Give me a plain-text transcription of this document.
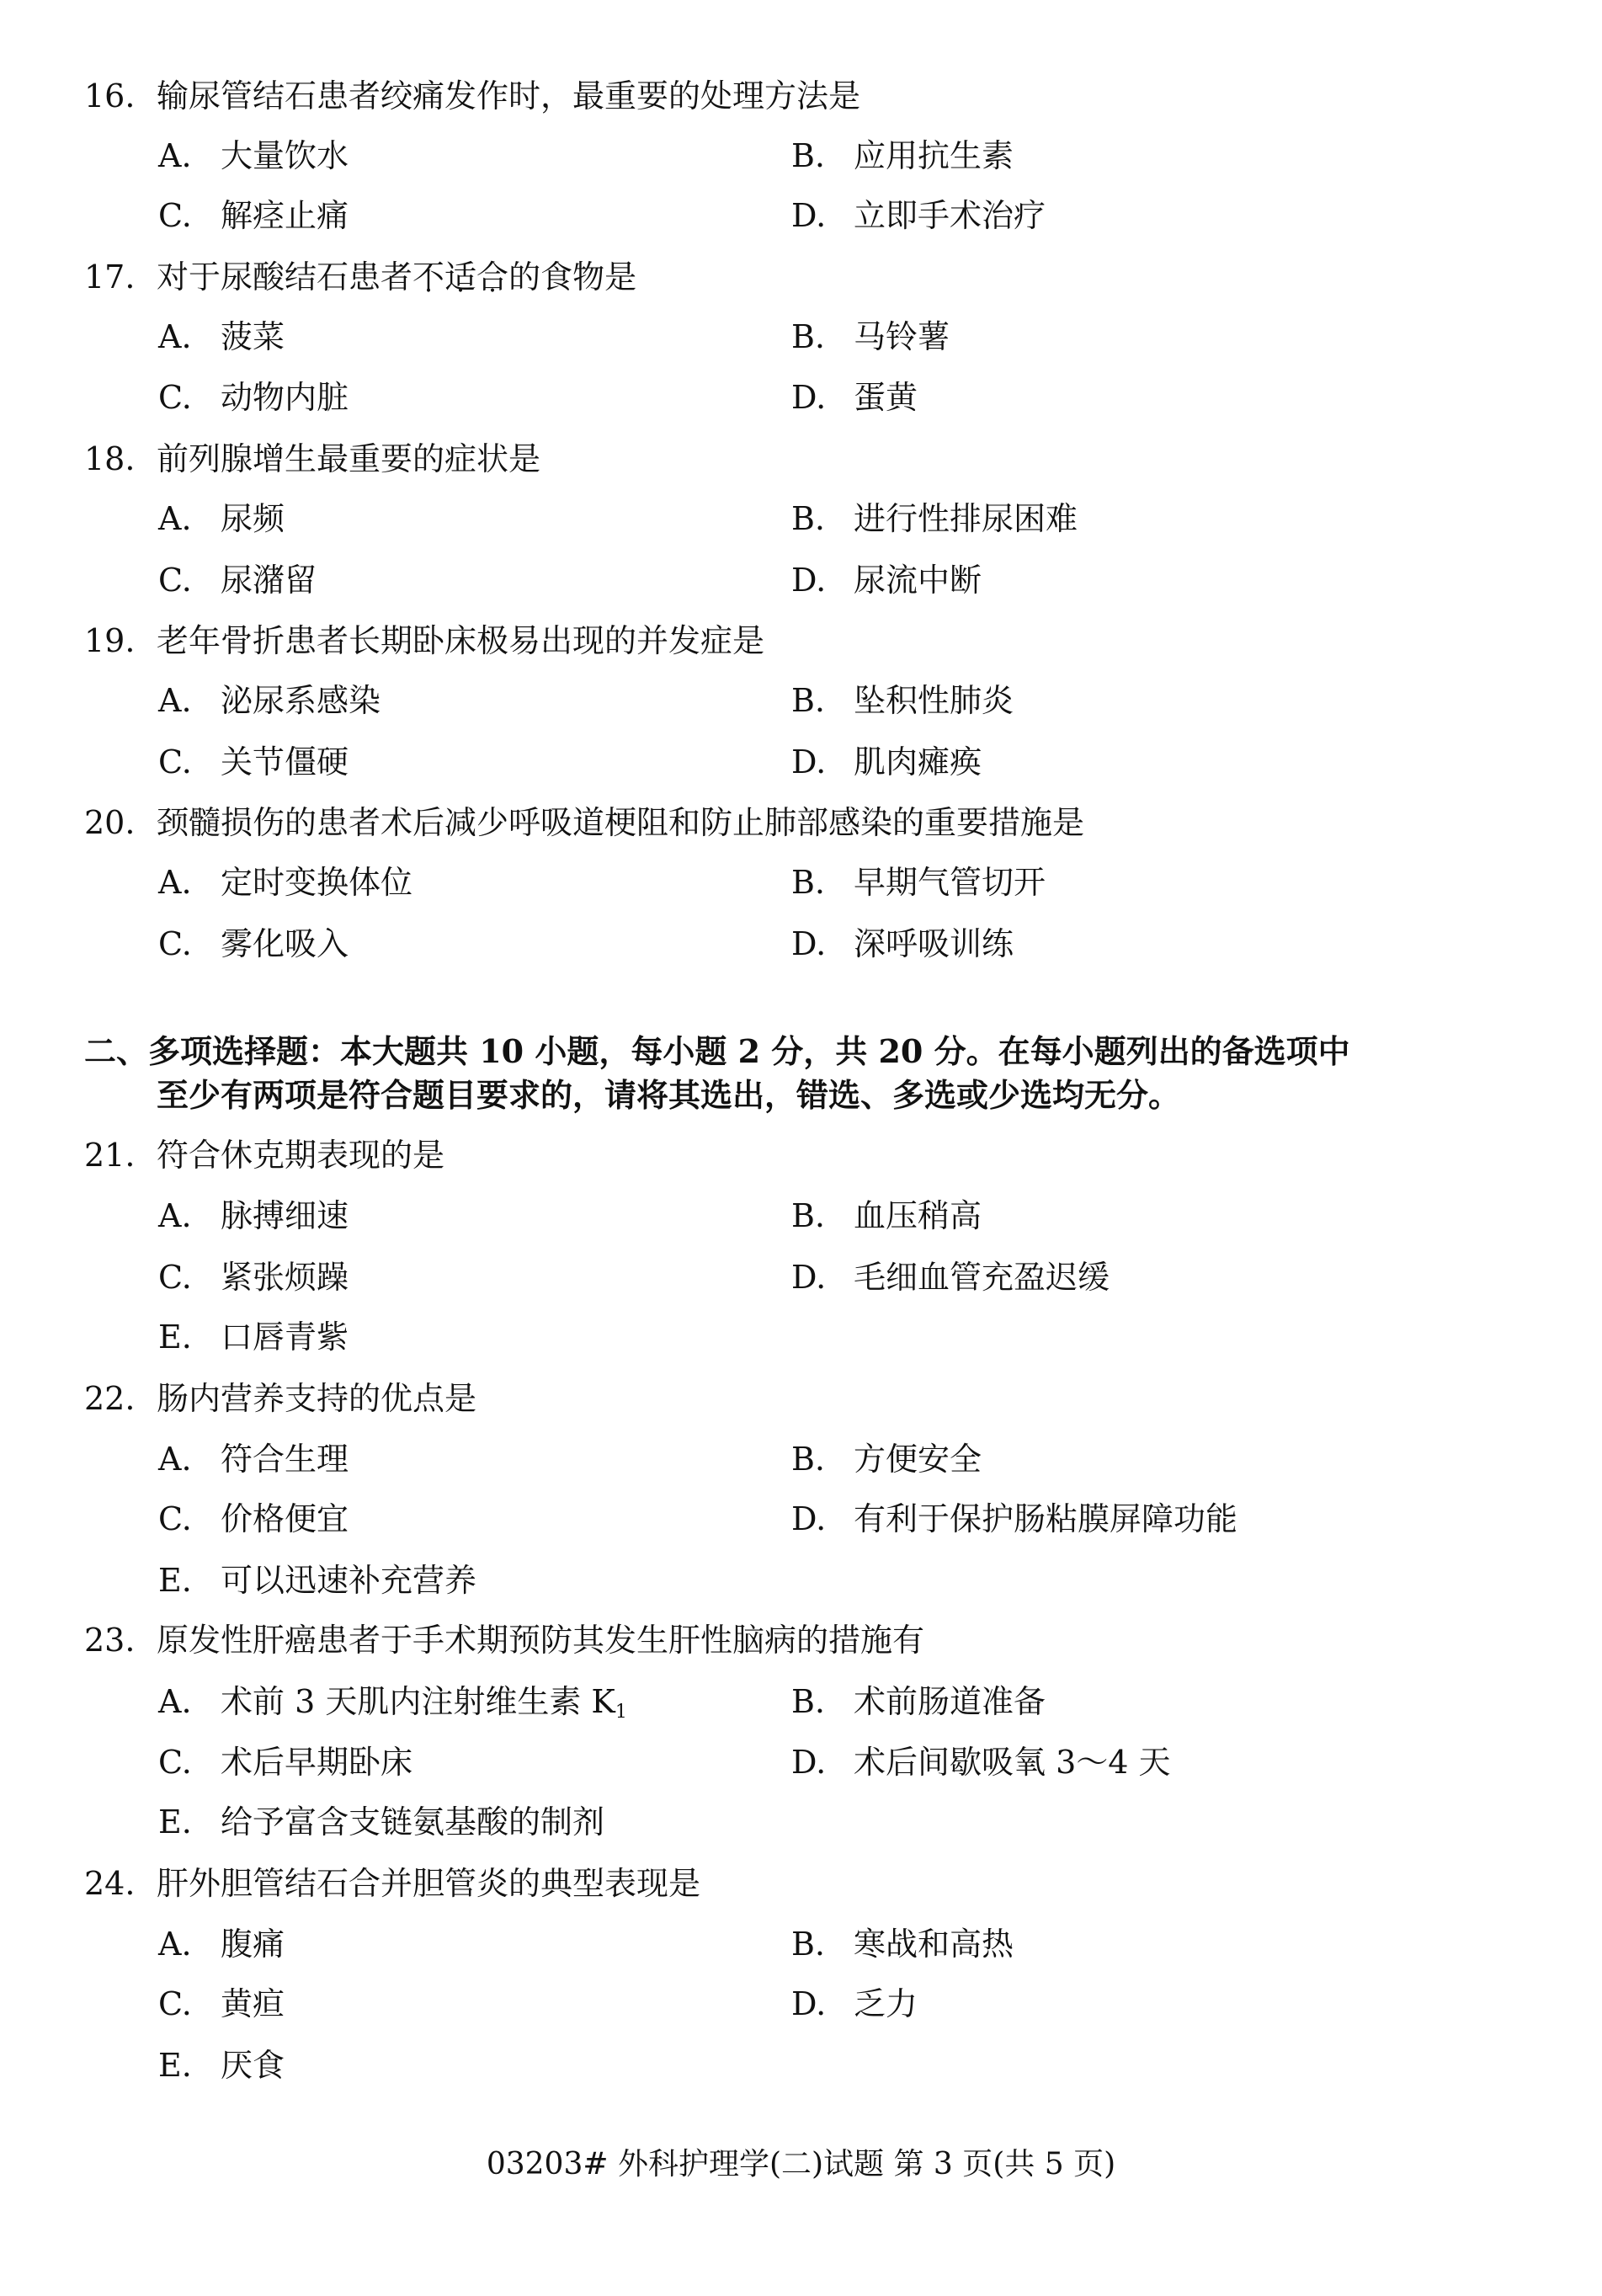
16. 输尿管结石患者绞痛发作时，最重要的处理方法是
A. 大量饮水	B. 应用抗生素
C. 解痉止痛	D. 立即手术治疗
17. 对于尿酸结石患者不适合的食物是
A. 菠菜	B. 马铃薯
C. 动物内脏	D. 蛋黄
18. 前列腺增生最重要的症状是
A. 尿频	B. 进行性排尿困难
C. 尿潴留	D. 尿流中断
19. 老年骨折患者长期卧床极易出现的并发症是
A. 泌尿系感染	B. 坠积性肺炎
C. 关节僵硬	D. 肌肉瘫痪
20. 颈髓损伤的患者术后减少呼吸道梗阻和防止肺部感染的重要措施是
A. 定时变换体位	B. 早期气管切开
C. 雾化吸入	D. 深呼吸训练
二、多项选择题：本大题共 10 小题，每小题 2 分，共 20 分。在每小题列出的备选项中
至少有两项是符合题目要求的，请将其选出，错选、多选或少选均无分。
21. 符合休克期表现的是
A. 脉搏细速	B. 血压稍高
C. 紧张烦躁	D. 毛细血管充盈迟缓
E. 口唇青紫
22. 肠内营养支持的优点是
A. 符合生理	B. 方便安全
C. 价格便宜	D. 有利于保护肠粘膜屏障功能
E. 可以迅速补充营养
23. 原发性肝癌患者于手术期预防其发生肝性脑病的措施有
A. 术前 3 天肌内注射维生素 $K_1$	B. 术前肠道准备
C. 术后早期卧床	D. 术后间歇吸氧 3～4 天
E. 给予富含支链氨基酸的制剂
24. 肝外胆管结石合并胆管炎的典型表现是
A. 腹痛	B. 寒战和高热
C. 黄疸	D. 乏力
E. 厌食
03203# 外科护理学(二)试题 第 3 页(共 5 页)
